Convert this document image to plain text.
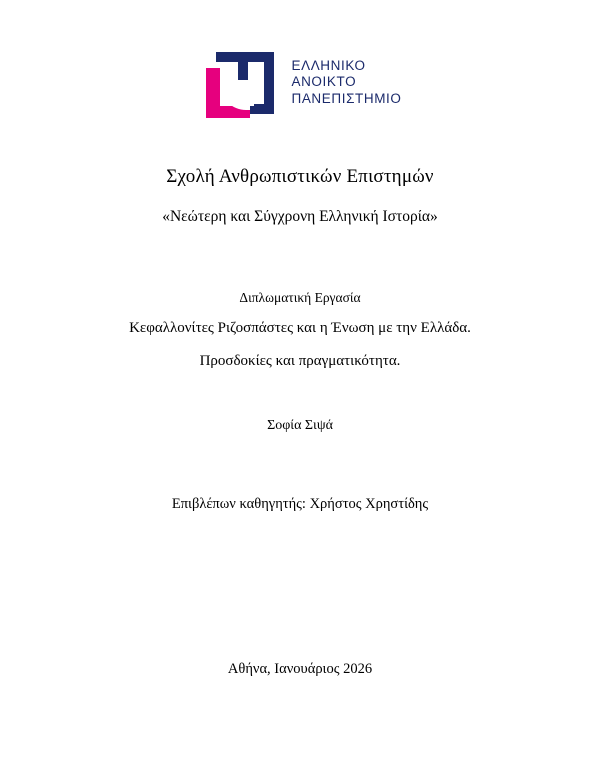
ΕΛΛΗΝΙΚΟ
ΑΝΟΙΚΤΟ
ΠΑΝΕΠΙΣΤΗΜΙΟ
Σχολή Ανθρωπιστικών Επιστημών
«Νεώτερη και Σύγχρονη Ελληνική Ιστορία»
Διπλωματική Εργασία
Κεφαλλονίτες Ριζοσπάστες και η Ένωση με την Ελλάδα.
Προσδοκίες και πραγματικότητα.
Σοφία Σιψά
Επιβλέπων καθηγητής: Χρήστος Χρηστίδης
Αθήνα, Ιανουάριος 2026
